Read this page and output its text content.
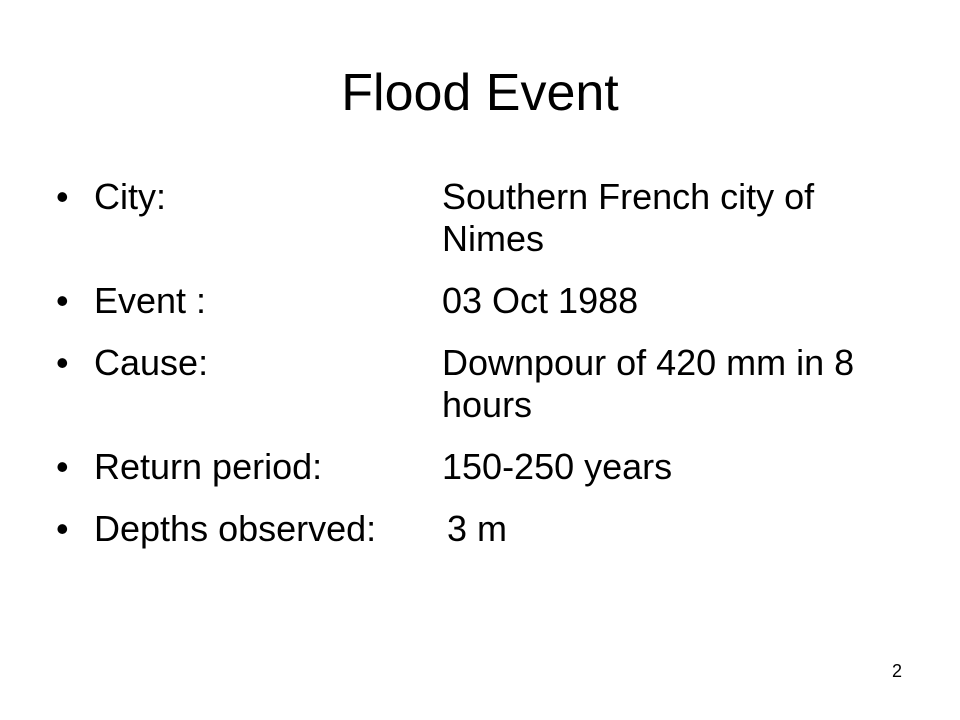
Flood Event
• City:	Southern French city of Nimes
• Event :	03 Oct 1988
• Cause:	Downpour of 420 mm in 8 hours
• Return period:	150-250 years
• Depths observed:	3 m
2
